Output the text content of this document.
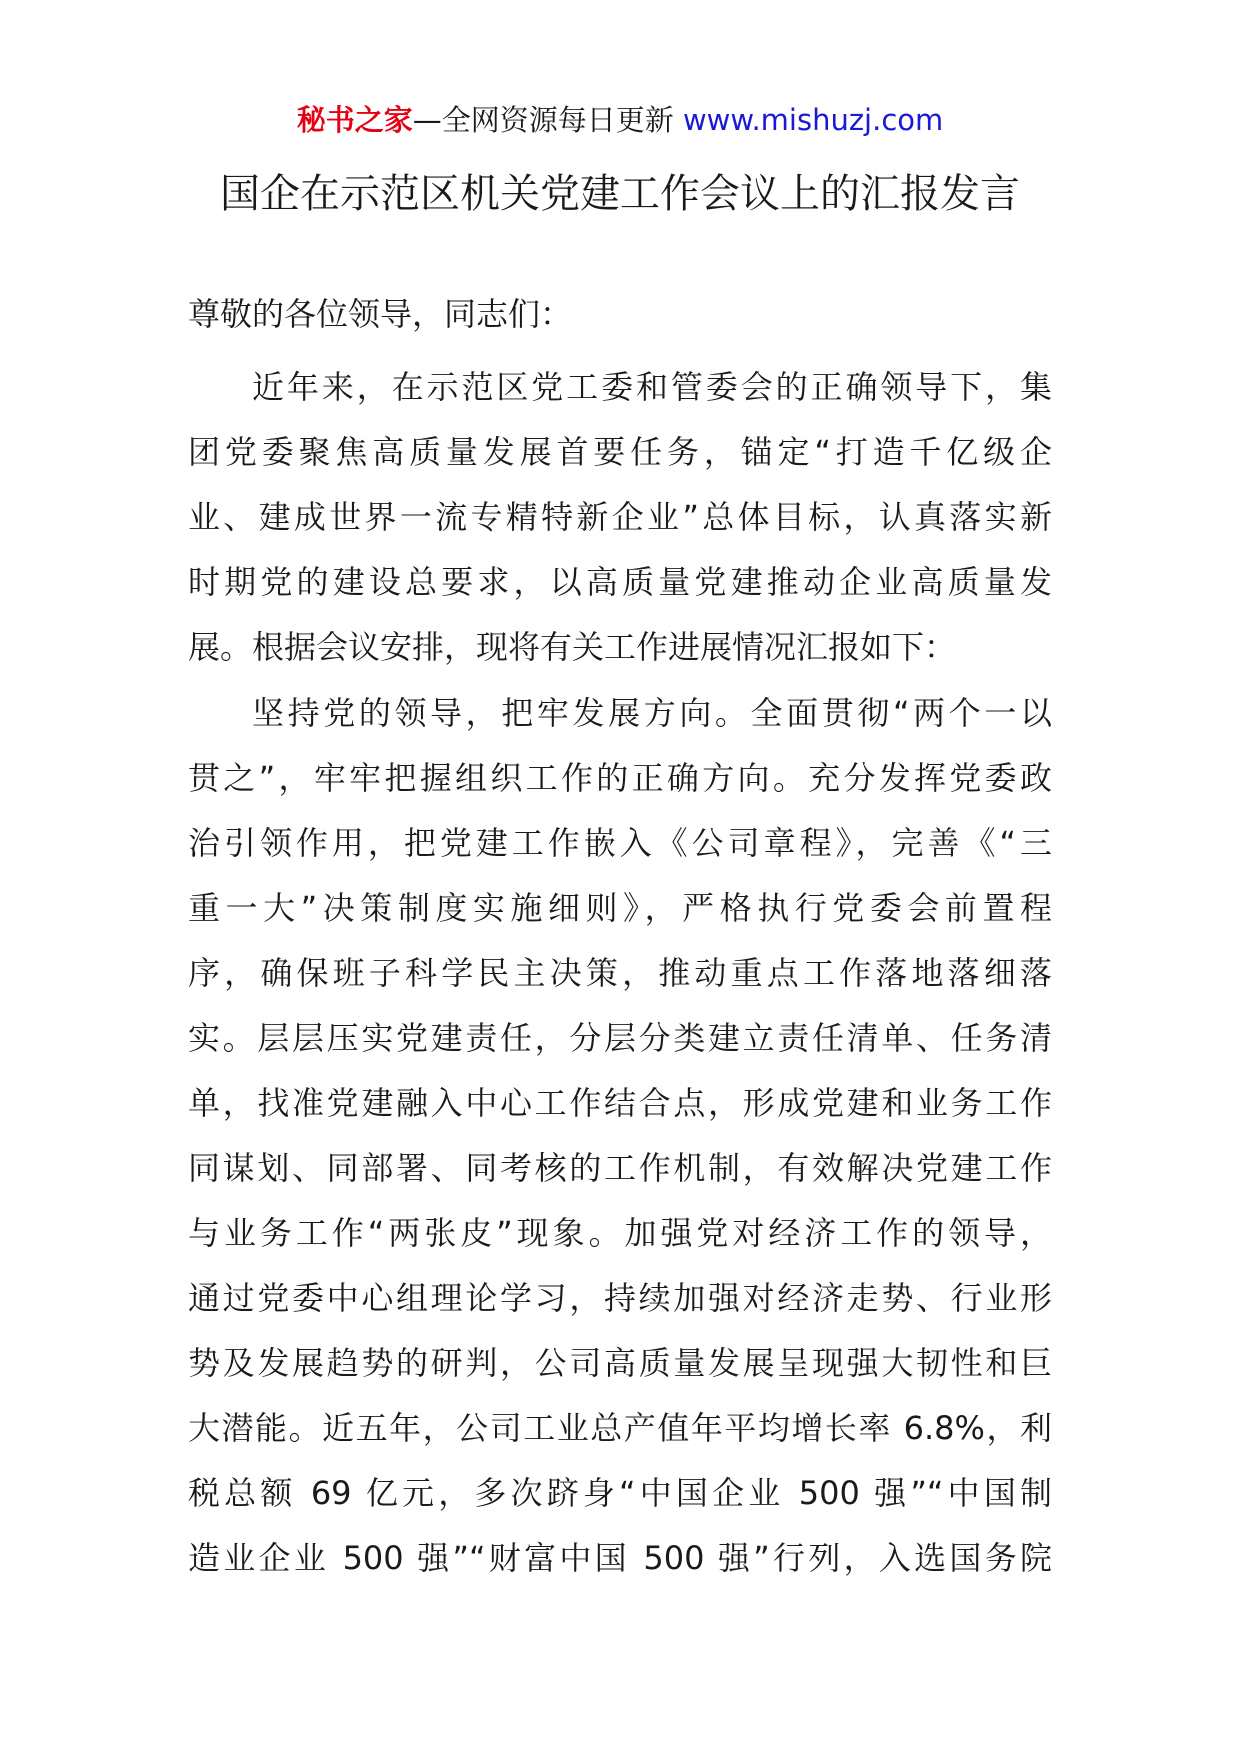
秘书之家—全网资源每日更新 www.mishuzj.com
国企在示范区机关党建工作会议上的汇报发言
尊敬的各位领导，同志们：
近年来，在示范区党工委和管委会的正确领导下，集
团党委聚焦高质量发展首要任务，锚定“打造千亿级企
业、建成世界一流专精特新企业”总体目标，认真落实新
时期党的建设总要求，以高质量党建推动企业高质量发
展。根据会议安排，现将有关工作进展情况汇报如下：
坚持党的领导，把牢发展方向。全面贯彻“两个一以
贯之”，牢牢把握组织工作的正确方向。充分发挥党委政
治引领作用，把党建工作嵌入《公司章程》，完善《“三
重一大”决策制度实施细则》，严格执行党委会前置程
序，确保班子科学民主决策，推动重点工作落地落细落
实。层层压实党建责任，分层分类建立责任清单、任务清
单，找准党建融入中心工作结合点，形成党建和业务工作
同谋划、同部署、同考核的工作机制，有效解决党建工作
与业务工作“两张皮”现象。加强党对经济工作的领导，
通过党委中心组理论学习，持续加强对经济走势、行业形
势及发展趋势的研判，公司高质量发展呈现强大韧性和巨
大潜能。近五年，公司工业总产值年平均增长率 6.8%，利
税总额 69 亿元，多次跻身“中国企业 500 强”“中国制
造业企业 500 强”“财富中国 500 强”行列，入选国务院
